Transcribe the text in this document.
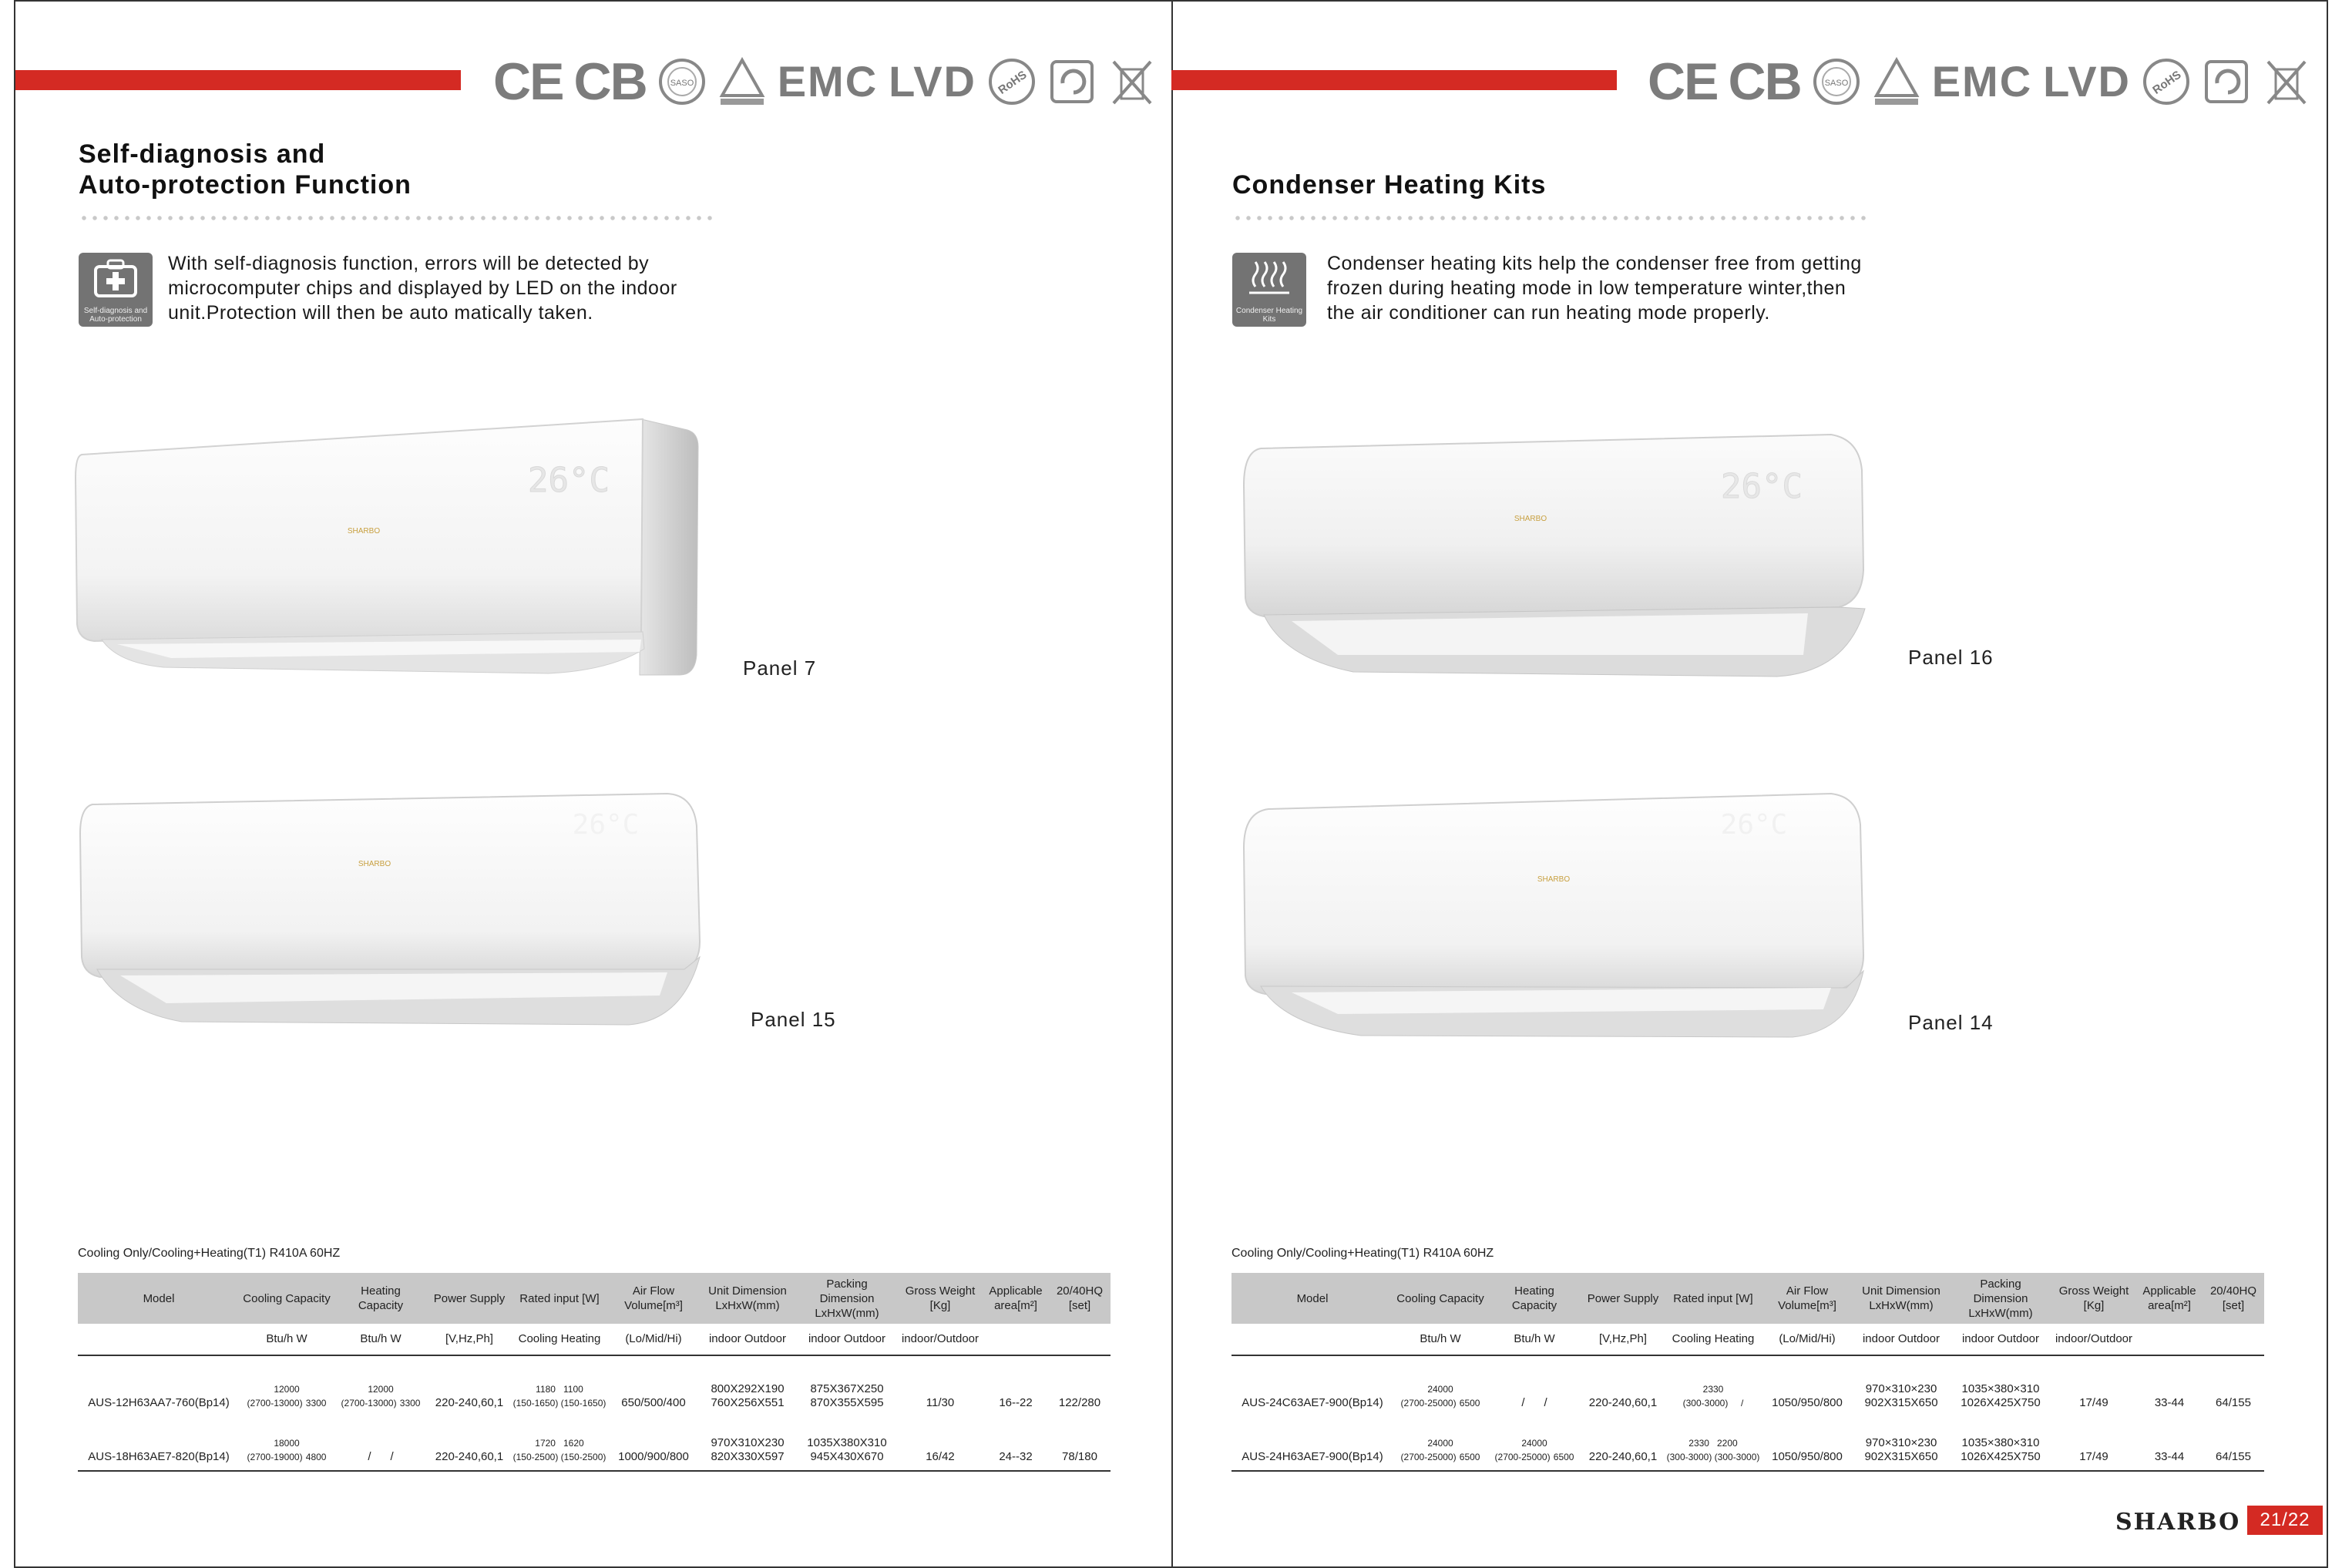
CE CB	SASO EMC LVD RoHS
Self-diagnosis and
Auto-protection Function
Self-diagnosis and Auto-protection
With self-diagnosis function, errors will be detected by
microcomputer chips and displayed by LED on the indoor
unit.Protection will then be auto matically taken.
SHARBO
26°C
Panel 7
SHARBO
26°C
Panel 15
Cooling Only/Cooling+Heating(T1) R410A 60HZ
Model	Cooling Capacity	Heating Capacity	Power Supply	Rated input [W]	Air Flow
Volume[m³]	Unit Dimension
LxHxW(mm)	Packing Dimension
LxHxW(mm)	Gross Weight
[Kg]	Applicable
area[m²]	20/40HQ
[set]

	Btu/h W	Btu/h W	[V,Hz,Ph]	Cooling Heating	(Lo/Mid/Hi)	indoor Outdoor	indoor Outdoor	indoor/Outdoor		
AUS-12H63AA7-760(Bp14)	12000
(2700-13000) 3300	12000
(2700-13000) 3300	220-240,60,1	1180 1100
(150-1650) (150-1650)	650/500/400	800X292X190
760X256X551	875X367X250
870X355X595	11/30	16--22	122/280
AUS-18H63AE7-820(Bp14)	18000
(2700-19000) 4800	/ /	220-240,60,1	1720 1620
(150-2500) (150-2500)	1000/900/800	970X310X230
820X330X597	1035X380X310
945X430X670	16/42	24--32	78/180
CE CB	SASO EMC LVD RoHS
Condenser Heating Kits
Condenser Heating Kits
Condenser heating kits help the condenser free from getting
frozen during heating mode in low temperature winter,then
the air conditioner can run heating mode properly.
SHARBO
26°C
Panel 16
SHARBO
26°C
Panel 14
Cooling Only/Cooling+Heating(T1) R410A 60HZ
Model	Cooling Capacity	Heating Capacity	Power Supply	Rated input [W]	Air Flow
Volume[m³]	Unit Dimension
LxHxW(mm)	Packing Dimension
LxHxW(mm)	Gross Weight
[Kg]	Applicable
area[m²]	20/40HQ
[set]

	Btu/h W	Btu/h W	[V,Hz,Ph]	Cooling Heating	(Lo/Mid/Hi)	indoor Outdoor	indoor Outdoor	indoor/Outdoor		
AUS-24C63AE7-900(Bp14)	24000
(2700-25000) 6500	/ /	220-240,60,1	2330
(300-3000) /	1050/950/800	970×310×230
902X315X650	1035×380×310
1026X425X750	17/49	33-44	64/155
AUS-24H63AE7-900(Bp14)	24000
(2700-25000) 6500	24000
(2700-25000) 6500	220-240,60,1	2330 2200
(300-3000) (300-3000)	1050/950/800	970×310×230
902X315X650	1035×380×310
1026X425X750	17/49	33-44	64/155
SHARBO	21/22
